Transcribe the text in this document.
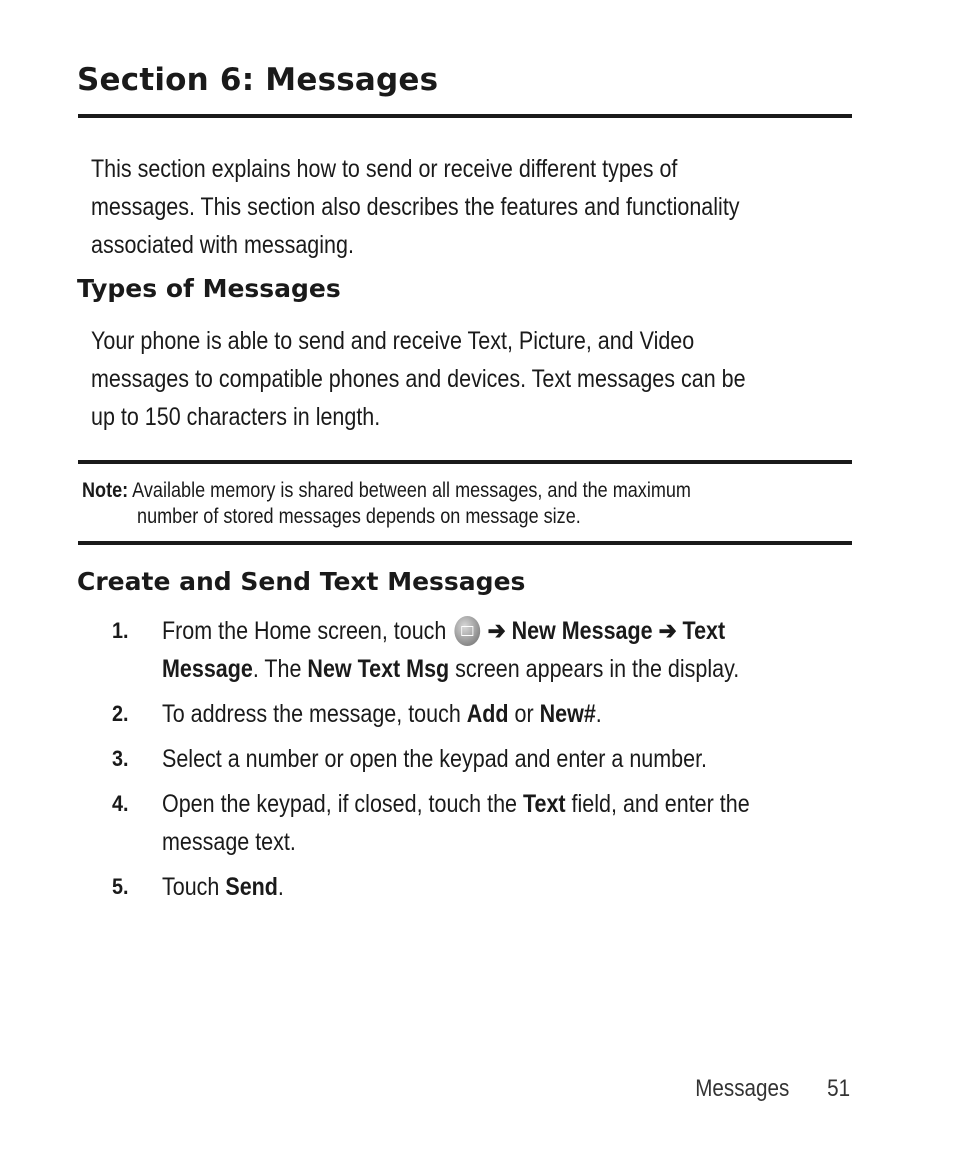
Section 6: Messages

This section explains how to send or receive different types of
messages. This section also describes the features and functionality
associated with messaging.

Types of Messages

Your phone is able to send and receive Text, Picture, and Video
messages to compatible phones and devices. Text messages can be
up to 150 characters in length.

Note: Available memory is shared between all messages, and the maximum
number of stored messages depends on message size.

Create and Send Text Messages
1. From the Home screen, touch  ➔ New Message ➔ Text
Message. The New Text Msg screen appears in the display.
2. To address the message, touch Add or New#.
3. Select a number or open the keypad and enter a number.
4. Open the keypad, if closed, touch the Text field, and enter the
message text.
5. Touch Send.
Messages 51
